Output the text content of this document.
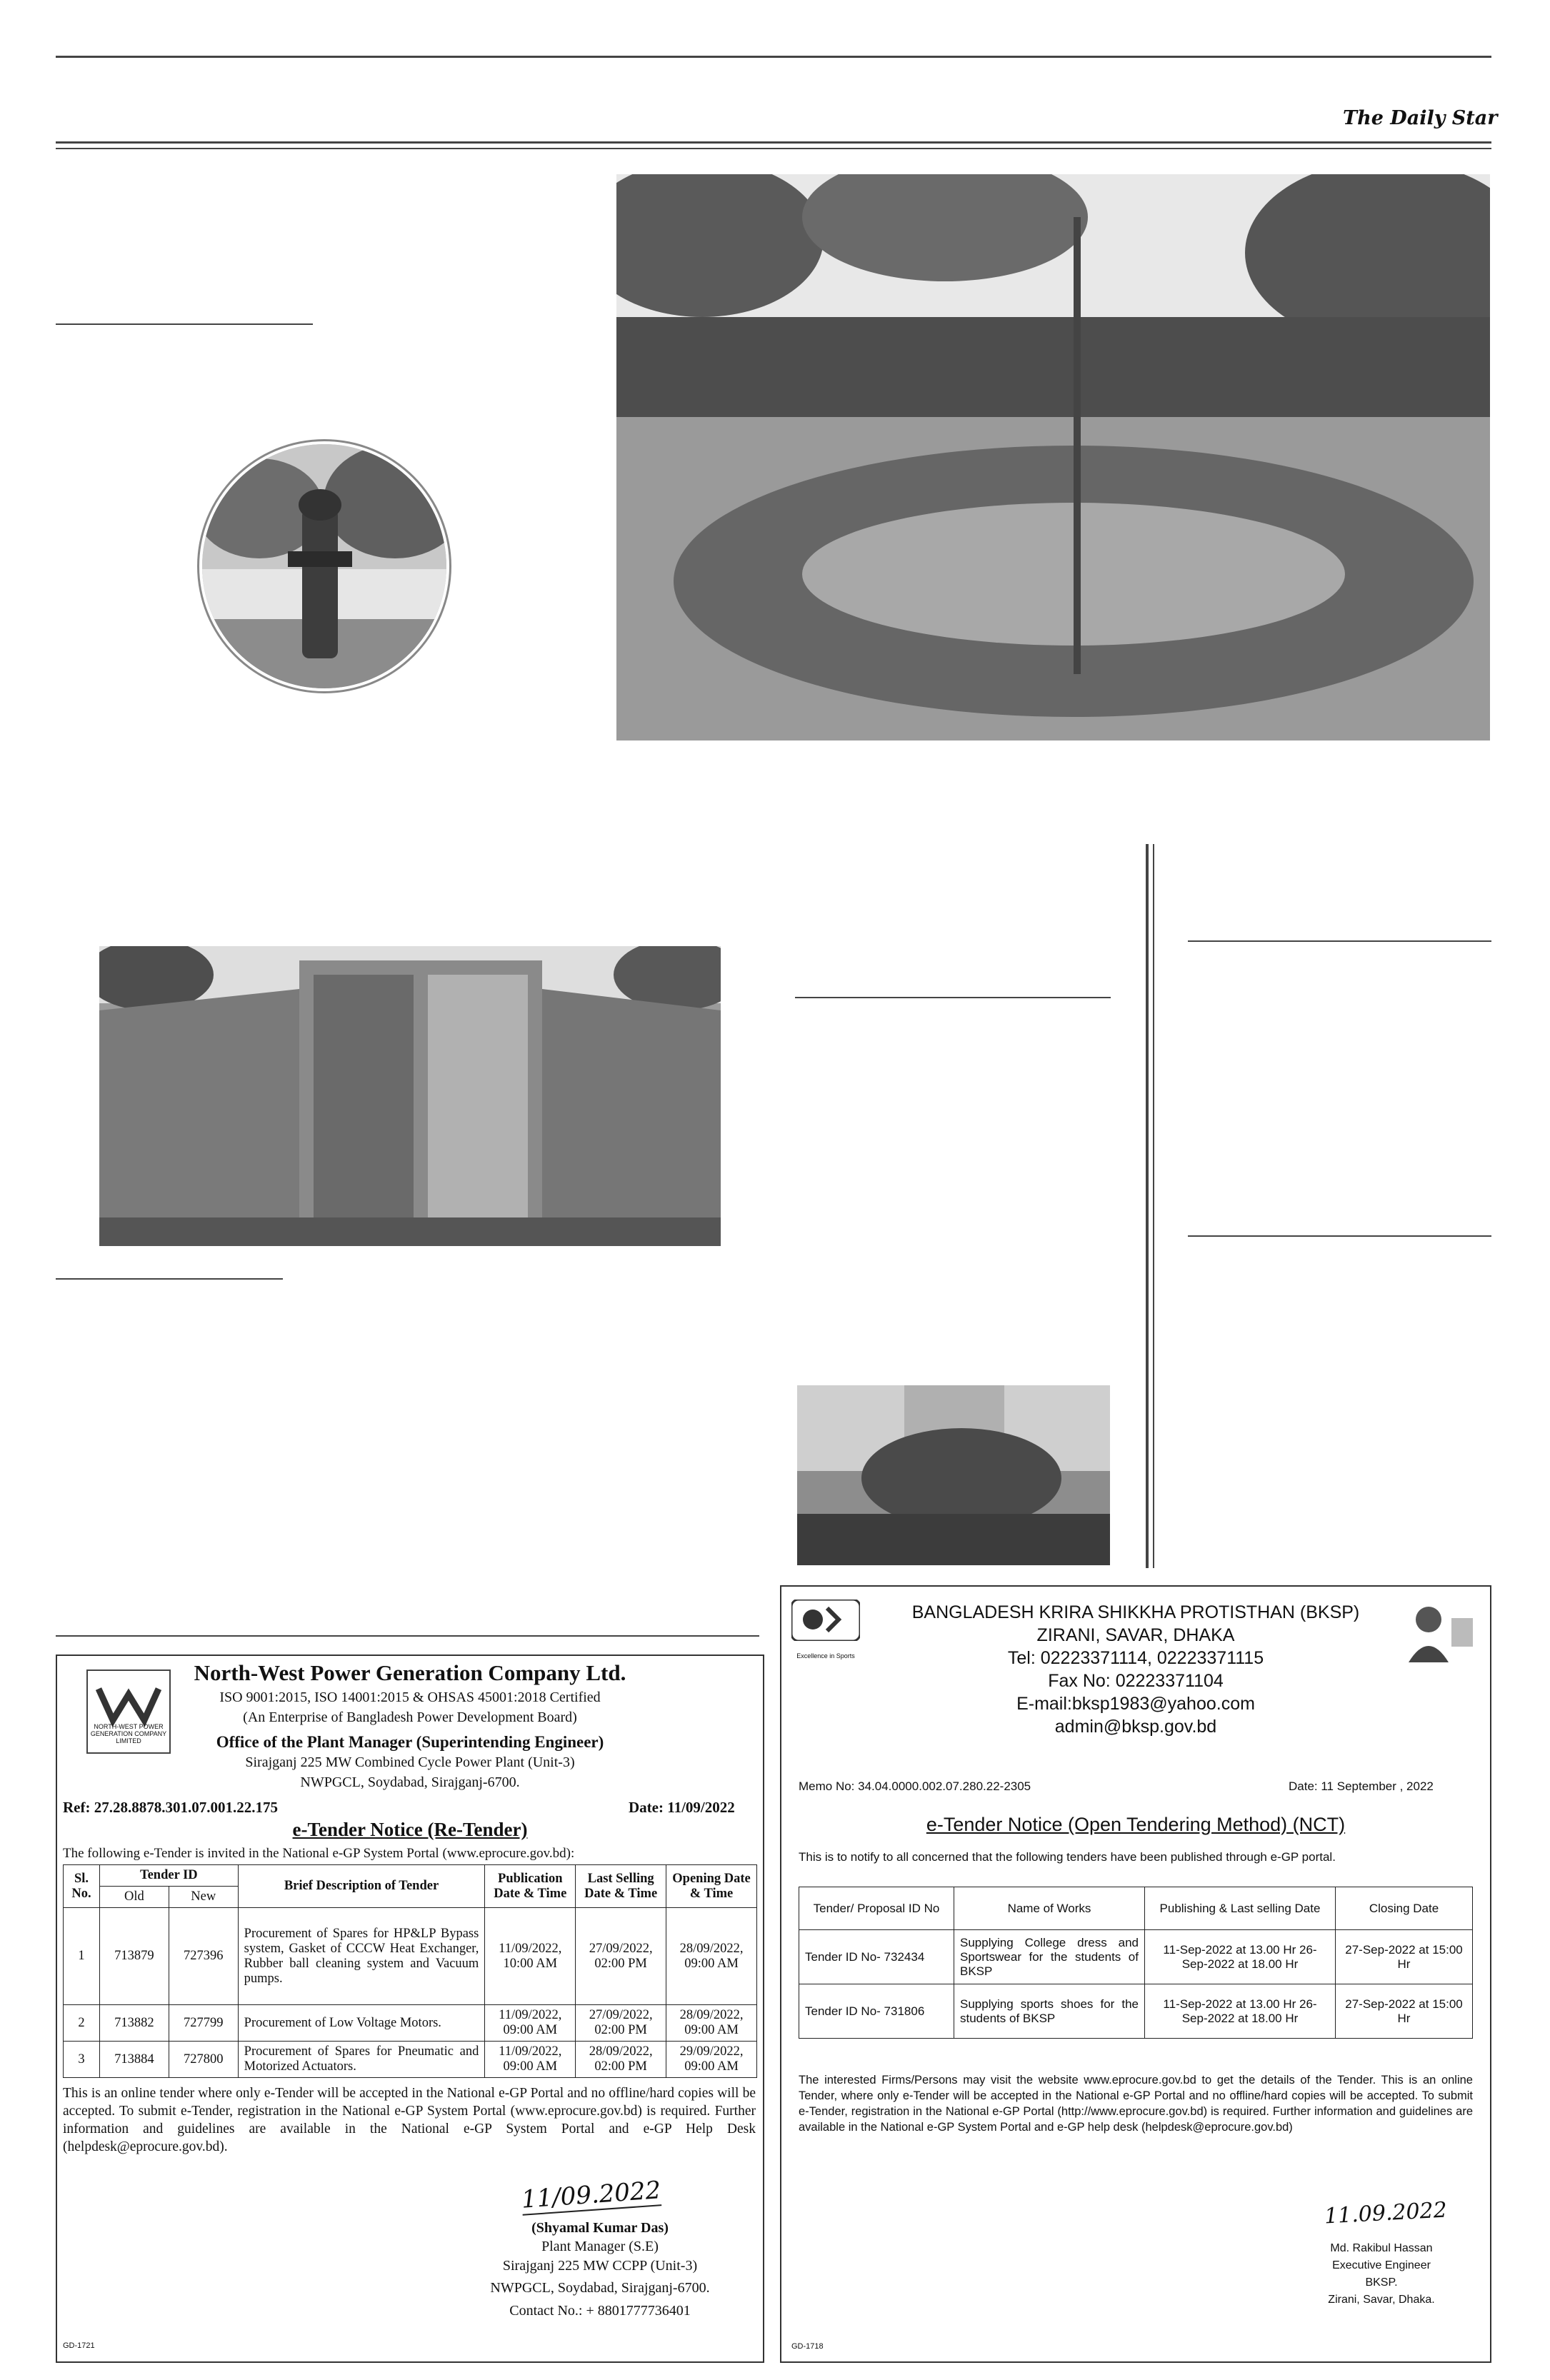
The Daily Star
NORTH-WEST POWER GENERATION COMPANY LIMITED
North-West Power Generation Company Ltd.
ISO 9001:2015, ISO 14001:2015 & OHSAS 45001:2018 Certified
(An Enterprise of Bangladesh Power Development Board)
Office of the Plant Manager (Superintending Engineer)
Sirajganj 225 MW Combined Cycle Power Plant (Unit-3)
NWPGCL, Soydabad, Sirajganj-6700.
Ref: 27.28.8878.301.07.001.22.175	Date: 11/09/2022
e-Tender Notice (Re-Tender)
The following e-Tender is invited in the National e-GP System Portal (www.eprocure.gov.bd):
Sl. No.	Tender ID		Brief Description of Tender	Publication Date & Time	Last Selling Date & Time	Opening Date & Time
	Old	New				
1	713879	727396	Procurement of Spares for HP&LP Bypass system, Gasket of CCCW Heat Exchanger, Rubber ball cleaning system and Vacuum pumps.	11/09/2022, 10:00 AM	27/09/2022, 02:00 PM	28/09/2022, 09:00 AM
2	713882	727799	Procurement of Low Voltage Motors.	11/09/2022, 09:00 AM	27/09/2022, 02:00 PM	28/09/2022, 09:00 AM
3	713884	727800	Procurement of Spares for Pneumatic and Motorized Actuators.	11/09/2022, 09:00 AM	28/09/2022, 02:00 PM	29/09/2022, 09:00 AM
This is an online tender where only e-Tender will be accepted in the National e-GP Portal and no offline/hard copies will be accepted. To submit e-Tender, registration in the National e-GP System Portal (www.eprocure.gov.bd) is required. Further information and guidelines are available in the National e-GP System Portal and e-GP Help Desk (helpdesk@eprocure.gov.bd).
11/09.2022
(Shyamal Kumar Das)
Plant Manager (S.E)
Sirajganj 225 MW CCPP (Unit-3)
NWPGCL, Soydabad, Sirajganj-6700.
Contact No.: + 8801777736401
GD-1721
Excellence in Sports
BANGLADESH KRIRA SHIKKHA PROTISTHAN (BKSP)
ZIRANI, SAVAR, DHAKA
Tel: 02223371114, 02223371115
Fax No: 02223371104
E-mail:bksp1983@yahoo.com
admin@bksp.gov.bd
Memo No: 34.04.0000.002.07.280.22-2305	Date: 11 September , 2022
e-Tender Notice (Open Tendering Method) (NCT)
This is to notify to all concerned that the following tenders have been published through e-GP portal.
Tender/ Proposal ID No	Name of Works	Publishing & Last selling Date	Closing Date
Tender ID No- 732434	Supplying College dress and Sportswear for the students of BKSP	11-Sep-2022 at 13.00 Hr 26-Sep-2022 at 18.00 Hr	27-Sep-2022 at 15:00 Hr
Tender ID No- 731806	Supplying sports shoes for the students of BKSP	11-Sep-2022 at 13.00 Hr 26-Sep-2022 at 18.00 Hr	27-Sep-2022 at 15:00 Hr
The interested Firms/Persons may visit the website www.eprocure.gov.bd to get the details of the Tender. This is an online Tender, where only e-Tender will be accepted in the National e-GP Portal and no offline/hard copies will be accepted. To submit e-Tender, registration in the National e-GP Portal (http://www.eprocure.gov.bd) is required. Further information and guidelines are available in the National e-GP System Portal and e-GP help desk (helpdesk@eprocure.gov.bd)
11.09.2022
Md. Rakibul Hassan
Executive Engineer
BKSP.
Zirani, Savar, Dhaka.
GD-1718
